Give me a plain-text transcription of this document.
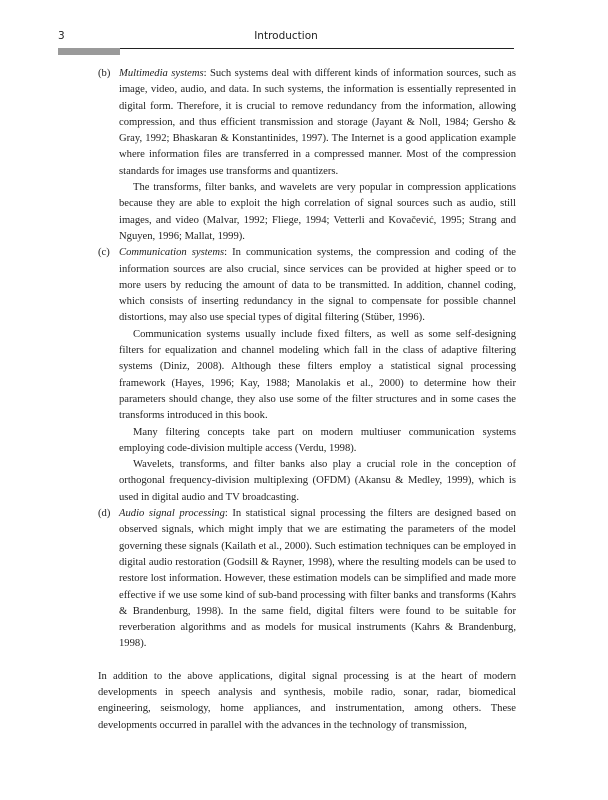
3	Introduction
(b) Multimedia systems: Such systems deal with different kinds of information sources, such as image, video, audio, and data. In such systems, the information is essentially represented in digital form. Therefore, it is crucial to remove redundancy from the information, allowing compression, and thus efficient transmission and storage (Jayant & Noll, 1984; Gersho & Gray, 1992; Bhaskaran & Konstantinides, 1997). The Internet is a good application example where information files are transferred in a compressed manner. Most of the compression standards for images use transforms and quantizers.

The transforms, filter banks, and wavelets are very popular in compression applications because they are able to exploit the high correlation of signal sources such as audio, still images, and video (Malvar, 1992; Fliege, 1994; Vetterli and Kovačević, 1995; Strang and Nguyen, 1996; Mallat, 1999).

(c) Communication systems: In communication systems, the compression and coding of the information sources are also crucial, since services can be provided at higher speed or to more users by reducing the amount of data to be transmitted. In addition, channel coding, which consists of inserting redundancy in the signal to compensate for possible channel distortions, may also use special types of digital filtering (Stüber, 1996).

Communication systems usually include fixed filters, as well as some self-designing filters for equalization and channel modeling which fall in the class of adaptive filtering systems (Diniz, 2008). Although these filters employ a statistical signal processing framework (Hayes, 1996; Kay, 1988; Manolakis et al., 2000) to determine how their parameters should change, they also use some of the filter structures and in some cases the transforms introduced in this book.

Many filtering concepts take part on modern multiuser communication systems employing code-division multiple access (Verdu, 1998).

Wavelets, transforms, and filter banks also play a crucial role in the conception of orthogonal frequency-division multiplexing (OFDM) (Akansu & Medley, 1999), which is used in digital audio and TV broadcasting.

(d) Audio signal processing: In statistical signal processing the filters are designed based on observed signals, which might imply that we are estimating the parameters of the model governing these signals (Kailath et al., 2000). Such estimation techniques can be employed in digital audio restoration (Godsill & Rayner, 1998), where the resulting models can be used to restore lost information. However, these estimation models can be simplified and made more effective if we use some kind of sub-band processing with filter banks and transforms (Kahrs & Brandenburg, 1998). In the same field, digital filters were found to be suitable for reverberation algorithms and as models for musical instruments (Kahrs & Brandenburg, 1998).

In addition to the above applications, digital signal processing is at the heart of modern developments in speech analysis and synthesis, mobile radio, sonar, radar, biomedical engineering, seismology, home appliances, and instrumentation, among others. These developments occurred in parallel with the advances in the technology of transmission,
